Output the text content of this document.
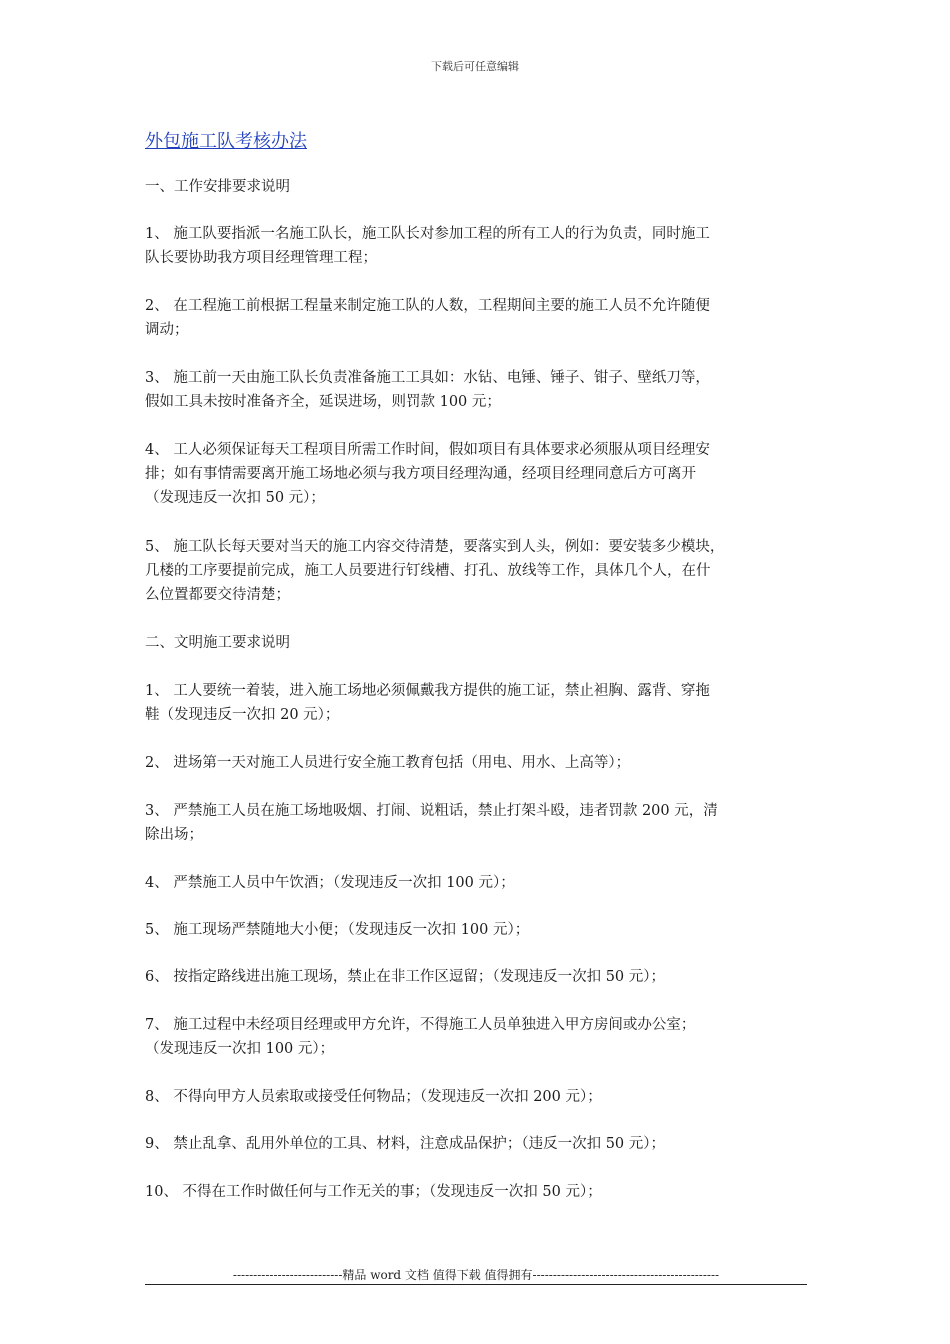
下载后可任意编辑
外包施工队考核办法
一、工作安排要求说明
1、 施工队要指派一名施工队长，施工队长对参加工程的所有工人的行为负责，同时施工
队长要协助我方项目经理管理工程；
2、 在工程施工前根据工程量来制定施工队的人数，工程期间主要的施工人员不允许随便
调动；
3、 施工前一天由施工队长负责准备施工工具如：水钻、电锤、锤子、钳子、壁纸刀等，
假如工具未按时准备齐全，延误进场，则罚款 100 元；
4、 工人必须保证每天工程项目所需工作时间，假如项目有具体要求必须服从项目经理安
排；如有事情需要离开施工场地必须与我方项目经理沟通，经项目经理同意后方可离开
（发现违反一次扣 50 元）；
5、 施工队长每天要对当天的施工内容交待清楚，要落实到人头，例如：要安装多少模块，
几楼的工序要提前完成，施工人员要进行钉线槽、打孔、放线等工作，具体几个人，在什
么位置都要交待清楚；
二、文明施工要求说明
1、 工人要统一着装，进入施工场地必须佩戴我方提供的施工证，禁止袒胸、露背、穿拖
鞋（发现违反一次扣 20 元）；
2、 进场第一天对施工人员进行安全施工教育包括（用电、用水、上高等）；
3、 严禁施工人员在施工场地吸烟、打闹、说粗话，禁止打架斗殴，违者罚款 200 元，清
除出场；
4、 严禁施工人员中午饮酒；（发现违反一次扣 100 元）；
5、 施工现场严禁随地大小便；（发现违反一次扣 100 元）；
6、 按指定路线进出施工现场，禁止在非工作区逗留；（发现违反一次扣 50 元）；
7、 施工过程中未经项目经理或甲方允许，不得施工人员单独进入甲方房间或办公室；
（发现违反一次扣 100 元）；
8、 不得向甲方人员索取或接受任何物品；（发现违反一次扣 200 元）；
9、 禁止乱拿、乱用外单位的工具、材料，注意成品保护；（违反一次扣 50 元）；
10、 不得在工作时做任何与工作无关的事；（发现违反一次扣 50 元）；
---------------------------精品 word 文档 值得下载 值得拥有----------------------------------------------
